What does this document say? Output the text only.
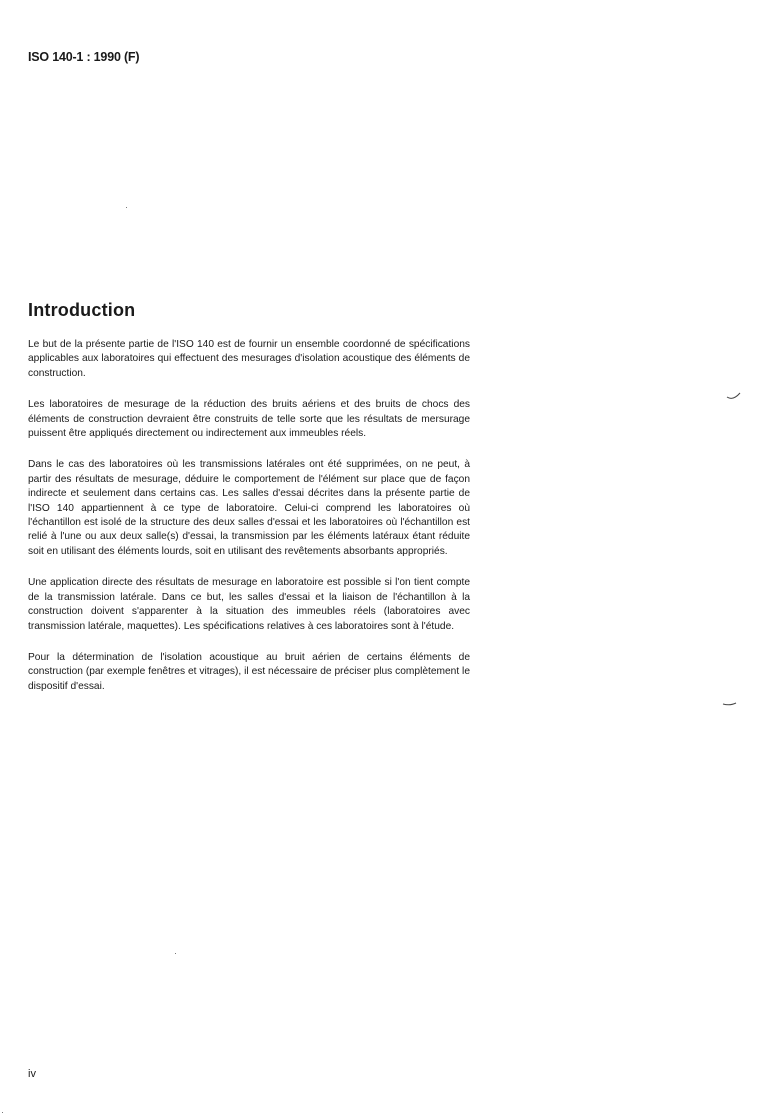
ISO 140-1 : 1990 (F)
Introduction

Le but de la présente partie de l'ISO 140 est de fournir un ensemble coordonné de spécifications applicables aux laboratoires qui effectuent des mesurages d'isolation acoustique des éléments de construction.

Les laboratoires de mesurage de la réduction des bruits aériens et des bruits de chocs des éléments de construction devraient être construits de telle sorte que les résultats de mersurage puissent être appliqués directement ou indirectement aux immeubles réels.

Dans le cas des laboratoires où les transmissions latérales ont été supprimées, on ne peut, à partir des résultats de mesurage, déduire le comportement de l'élément sur place que de façon indirecte et seulement dans certains cas. Les salles d'essai décrites dans la présente partie de l'ISO 140 appartiennent à ce type de laboratoire. Celui-ci comprend les laboratoires où l'échantillon est isolé de la structure des deux salles d'essai et les laboratoires où l'échantillon est relié à l'une ou aux deux salle(s) d'essai, la transmission par les éléments latéraux étant réduite soit en utilisant des éléments lourds, soit en utilisant des revêtements absorbants appropriés.

Une application directe des résultats de mesurage en laboratoire est possible si l'on tient compte de la transmission latérale. Dans ce but, les salles d'essai et la liaison de l'échantillon à la construction doivent s'apparenter à la situation des immeubles réels (laboratoires avec transmission latérale, maquettes). Les spécifications relatives à ces laboratoires sont à l'étude.

Pour la détermination de l'isolation acoustique au bruit aérien de certains éléments de construction (par exemple fenêtres et vitrages), il est nécessaire de préciser plus complètement le dispositif d'essai.

iv
